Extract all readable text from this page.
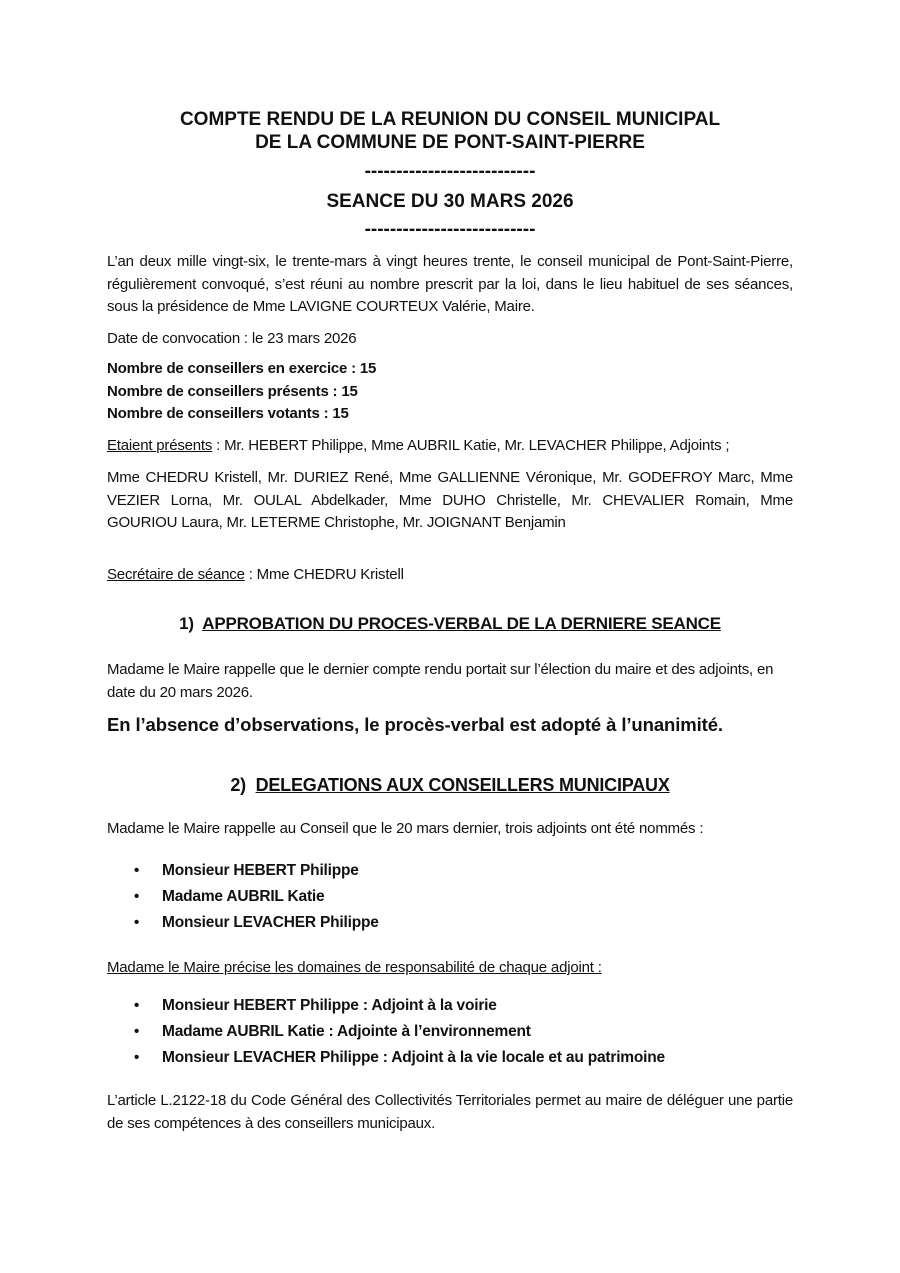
COMPTE RENDU DE LA REUNION DU CONSEIL MUNICIPAL
DE LA COMMUNE DE PONT-SAINT-PIERRE
---------------------------
SEANCE DU 30 MARS 2026
---------------------------
L’an deux mille vingt-six, le trente-mars à vingt heures trente, le conseil municipal de Pont-Saint-Pierre, régulièrement convoqué, s’est réuni au nombre prescrit par la loi, dans le lieu habituel de ses séances, sous la présidence de Mme LAVIGNE COURTEUX Valérie, Maire.
Date de convocation : le 23 mars 2026
Nombre de conseillers en exercice : 15
Nombre de conseillers présents : 15
Nombre de conseillers votants : 15
Etaient présents : Mr. HEBERT Philippe, Mme AUBRIL Katie, Mr. LEVACHER Philippe, Adjoints ;
Mme CHEDRU Kristell, Mr. DURIEZ René, Mme GALLIENNE Véronique, Mr. GODEFROY Marc, Mme VEZIER Lorna, Mr. OULAL Abdelkader, Mme DUHO Christelle, Mr. CHEVALIER Romain, Mme GOURIOU Laura, Mr. LETERME Christophe, Mr. JOIGNANT Benjamin
Secrétaire de séance : Mme CHEDRU Kristell
1) APPROBATION DU PROCES-VERBAL DE LA DERNIERE SEANCE
Madame le Maire rappelle que le dernier compte rendu portait sur l’élection du maire et des adjoints, en date du 20 mars 2026.
En l’absence d’observations, le procès-verbal est adopté à l’unanimité.
2) DELEGATIONS AUX CONSEILLERS MUNICIPAUX
Madame le Maire rappelle au Conseil que le 20 mars dernier, trois adjoints ont été nommés :
• Monsieur HEBERT Philippe
• Madame AUBRIL Katie
• Monsieur LEVACHER Philippe
Madame le Maire précise les domaines de responsabilité de chaque adjoint :
• Monsieur HEBERT Philippe : Adjoint à la voirie
• Madame AUBRIL Katie : Adjointe à l’environnement
• Monsieur LEVACHER Philippe : Adjoint à la vie locale et au patrimoine
L’article L.2122-18 du Code Général des Collectivités Territoriales permet au maire de déléguer une partie de ses compétences à des conseillers municipaux.
